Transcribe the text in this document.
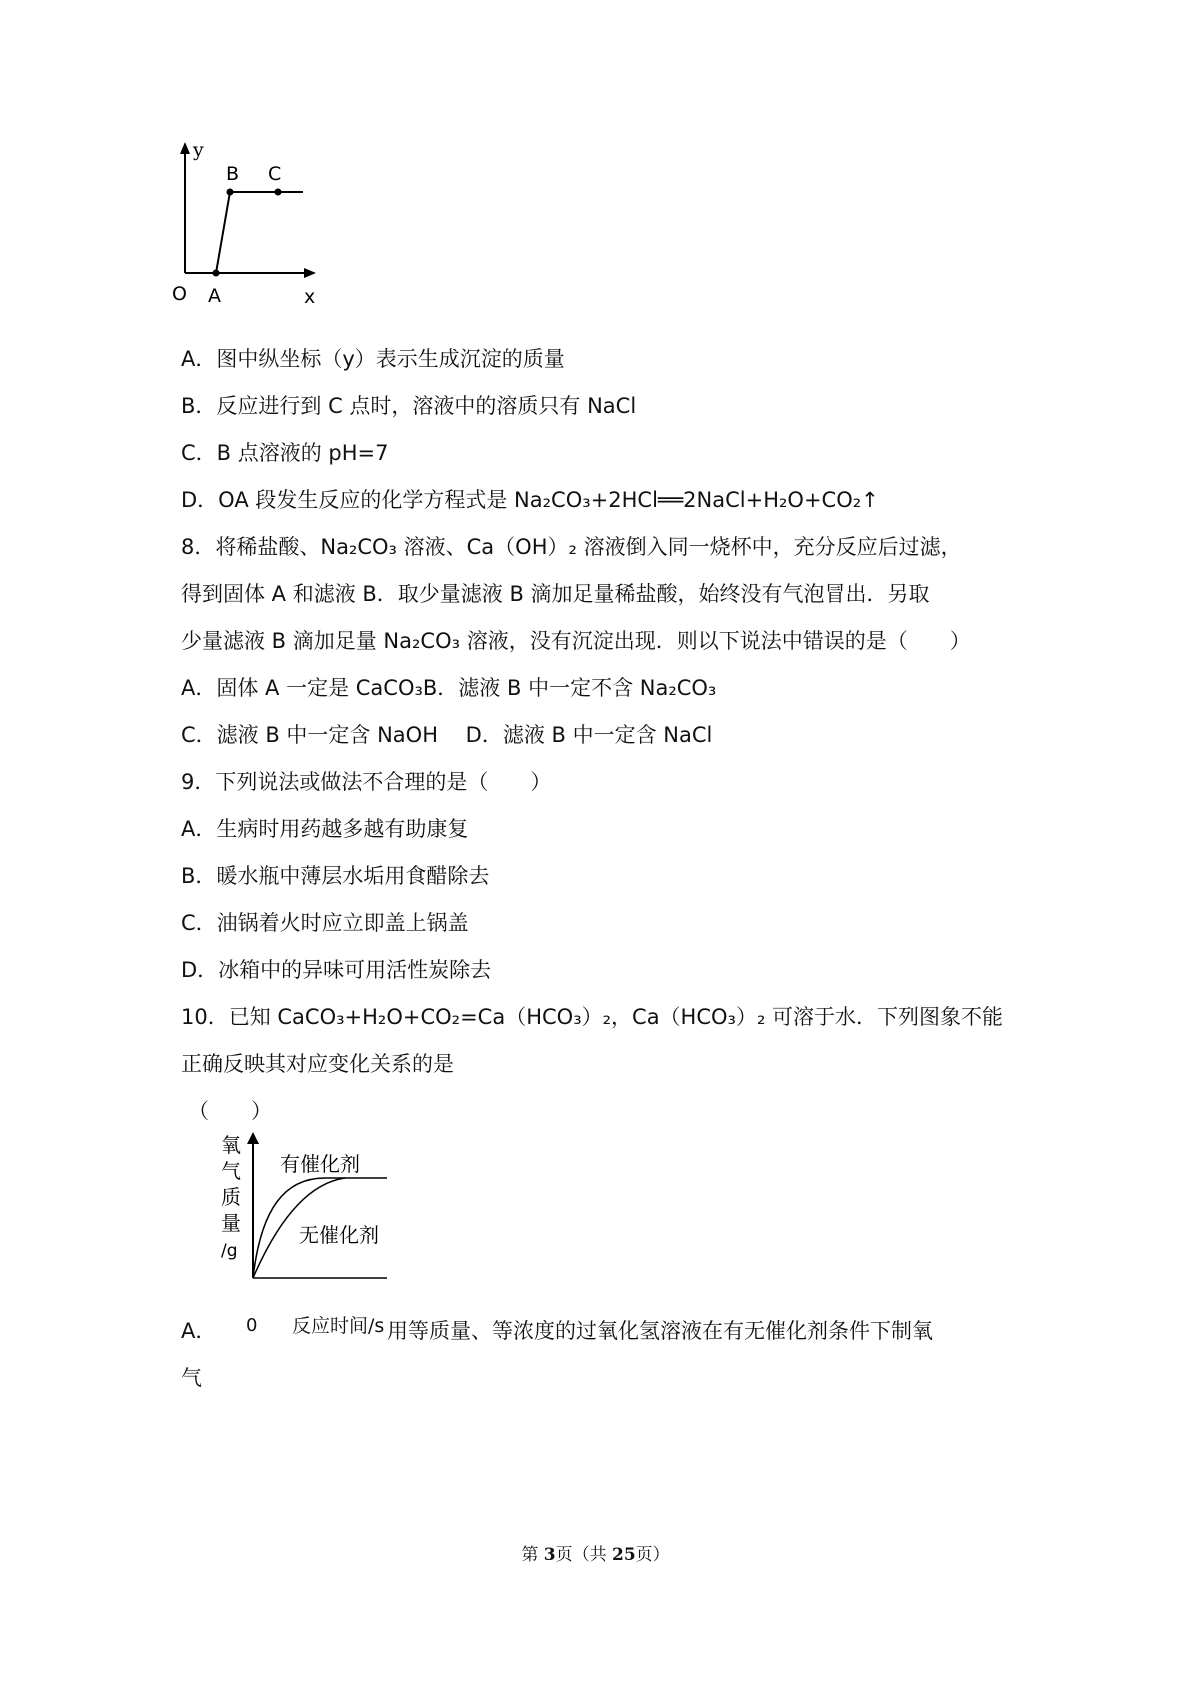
y
B C
O A	x
A．图中纵坐标（y）表示生成沉淀的质量
B．反应进行到 C 点时，溶液中的溶质只有 NaCl
C．B 点溶液的 pH=7
D．OA 段发生反应的化学方程式是 Na₂CO₃+2HCl══2NaCl+H₂O+CO₂↑
8．将稀盐酸、Na₂CO₃ 溶液、Ca（OH）₂ 溶液倒入同一烧杯中，充分反应后过滤，
得到固体 A 和滤液 B．取少量滤液 B 滴加足量稀盐酸，始终没有气泡冒出．另取
少量滤液 B 滴加足量 Na₂CO₃ 溶液，没有沉淀出现．则以下说法中错误的是（　　）
A．固体 A 一定是 CaCO₃B．滤液 B 中一定不含 Na₂CO₃
C．滤液 B 中一定含 NaOH　 D．滤液 B 中一定含 NaCl
9．下列说法或做法不合理的是（　　）
A．生病时用药越多越有助康复
B．暖水瓶中薄层水垢用食醋除去
C．油锅着火时应立即盖上锅盖
D．冰箱中的异味可用活性炭除去
10．已知 CaCO₃+H₂O+CO₂=Ca（HCO₃）₂，Ca（HCO₃）₂ 可溶于水．下列图象不能
正确反映其对应变化关系的是
（　　）
氧
气
质
量
/g
有催化剂
无催化剂
A． 0 反应时间/s 用等质量、等浓度的过氧化氢溶液在有无催化剂条件下制氧
气
第 3页（共 25页）
